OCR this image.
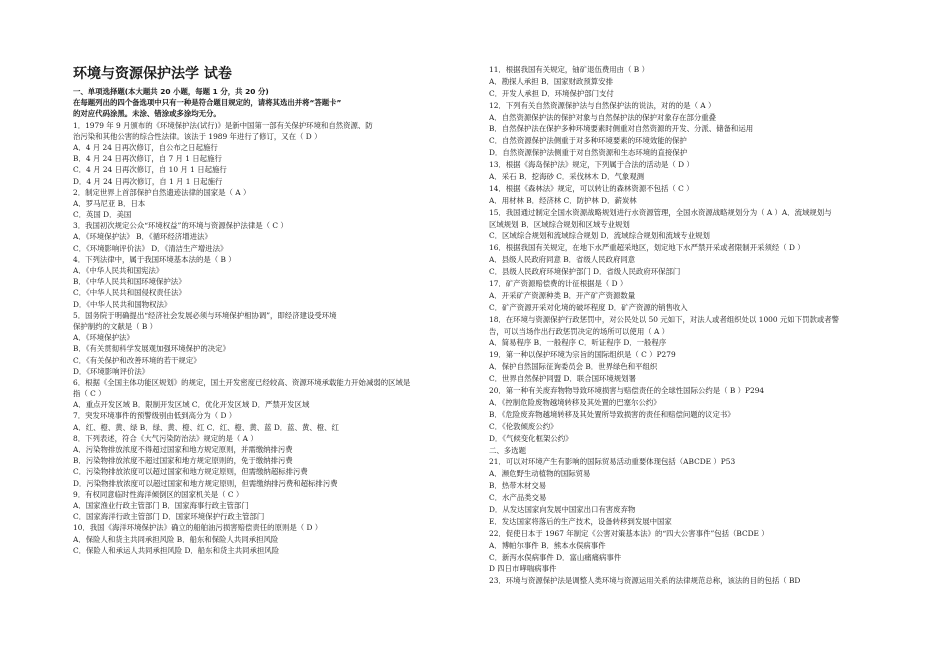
环境与资源保护法学 试卷
一、单项选择题(本大题共 20 小题，每题 1 分，共 20 分)
在每题列出的四个备选项中只有一种是符合题目规定的，请将其选出并将“答题卡”
的对应代码涂黑。未涂、错涂或多涂均无分。
1．1979 年 9 月颁布的《环境保护法(试行)》是新中国第一部有关保护环境和自然资源、防
治污染和其他公害的综合性法律。该法于 1989 年进行了修订，又在（ D ）
A．4 月 24 日再次修订，自公布之日起施行
B．4 月 24 日再次修订，自 7 月 1 日起施行
C．4 月 24 日再次修订，自 10 月 1 日起施行
D．4 月 24 日再次修订，自 1 月 1 日起施行
2．制定世界上首部保护自然遗迹法律的国家是（ A ）
A．罗马尼亚 B．日本
C．英国 D．美国
3．我国初次规定公众“环境权益”的环境与资源保护法律是（ C ）
A．《环境保护法》 B．《循环经济增进法》
C．《环境影响评价法》 D．《清洁生产增进法》
4．下列法律中，属于我国环境基本法的是（ B ）
A．《中华人民共和国宪法》
B．《中华人民共和国环境保护法》
C．《中华人民共和国侵权责任法》
D．《中华人民共和国物权法》
5．国务院于明确提出“经济社会发展必须与环境保护相协调”，即经济建设受环境
保护制约的文献是（ B ）
A．《环境保护法》
B．《有关贯彻科学发展观加强环境保护的决定》
C．《有关保护和改善环境的若干规定》
D．《环境影响评价法》
6．根据《全国主体功能区规划》的规定，国土开发密度已经较高、资源环境承载能力开始减弱的区域是
指（ C ）
A．重点开发区域 B．限制开发区域 C．优化开发区域 D．严禁开发区域
7．突发环境事件的预警级别由低到高分为（ D ）
A．红、橙、黄、绿 B．绿、黄、橙、红 C．红、橙、黄、蓝 D．蓝、黄、橙、红
8．下列表述，符合《大气污染防治法》规定的是（ A ）
A．污染物排放浓度不得超过国家和地方规定原则，并需缴纳排污费
B．污染物排放浓度不超过国家和地方规定原则的，免于缴纳排污费
C．污染物排放浓度可以超过国家和地方规定原则，但需缴纳超标排污费
D．污染物排放浓度可以超过国家和地方规定原则，但需缴纳排污费和超标排污费
9．有权同意临时性海洋倾倒区的国家机关是（ C ）
A．国家渔业行政主管部门 B．国家海事行政主管部门
C．国家海洋行政主管部门 D．国家环境保护行政主管部门
10．我国《海洋环境保护法》确立的船舶油污损害赔偿责任的原则是（ D ）
A．保险人和货主共同承担风险 B．船东和保险人共同承担风险
C．保险人和承运人共同承担风险 D．船东和货主共同承担风险
11．根据我国有关规定，铀矿退伍费用由（ B ）
A．勘探人承担 B．国家财政预算安排
C．开发人承担 D．环境保护部门支付
12．下列有关自然资源保护法与自然保护法的说法，对的的是（ A ）
A．自然资源保护法的保护对象与自然保护法的保护对象存在部分重叠
B．自然保护法在保护多种环境要素时侧重对自然资源的开发、分派、储备和运用
C．自然资源保护法侧重于对多种环境要素的环境效能的保护
D．自然资源保护法侧重于对自然资源和生态环境的直接保护
13．根据《海岛保护法》规定，下列属于合法的活动是（ D ）
A．采石 B．挖海砂 C．采伐林木 D．气象观测
14．根据《森林法》规定，可以转让的森林资源不包括（ C ）
A．用材林 B．经济林 C．防护林 D．薪炭林
15．我国通过制定全国水资源战略规划进行水资源管理，全国水资源战略规划分为（ A ）A．流域规划与
区域规划 B．区域综合规划和区域专业规划
C．区域综合规划和流域综合规划 D．流域综合规划和流域专业规划
16．根据我国有关规定，在地下水严重超采地区，划定地下水严禁开采或者限制开采须经（ D ）
A．县级人民政府同意 B．省级人民政府同意
C．县级人民政府环境保护部门 D．省级人民政府环保部门
17．矿产资源赔偿费的计征根据是（ D ）
A．开采矿产资源种类 B．开产矿产资源数量
C．矿产资源开采对化境的破坏程度 D．矿产资源的销售收入
18．在环境与资源保护行政惩罚中，对公民处以 50 元如下，对法人或者组织处以 1000 元如下罚款或者警
告，可以当场作出行政惩罚决定的场所可以使用（ A ）
A．简易程序 B．一般程序 C．听证程序 D．一般程序
19．第一种以保护环境为宗旨的国际组织是（ C ）P279
A．保护自然国际征询委员会 B．世界绿色和平组织
C．世界自然保护同盟 D．联合国环境规划署
20．第一种有关废弃物物导致环境损害与赔偿责任的全球性国际公约是（ B ）P294
A．《控制危险废物越境转移及其处置的巴塞尔公约》
B．《危险废弃物越境转移及其处置所导致损害的责任和赔偿问题的议定书》
C．《伦敦倾废公约》
D．《气候变化框架公约》
二、多选题
21．可以对环境产生有影响的国际贸易活动重要体现包括（ABCDE ）P53
A．濒危野生动植物的国际贸易
B．热带木材交易
C．水产品类交易
D．从发达国家向发展中国家出口有害废弃物
E．发达国家将落后的生产技术，设备转移到发展中国家
22．促使日本于 1967 年制定《公害对策基本法》的“四大公害事件”包括（BCDE ）
A．博帕尔事件 B．熊本水俣病事件
C．新泻水俣病事件 D．富山痛痛病事件
D 四日市哮喘病事件
23．环境与资源保护法是调整人类环境与资源运用关系的法律规范总称，该法的目的包括（ BD
